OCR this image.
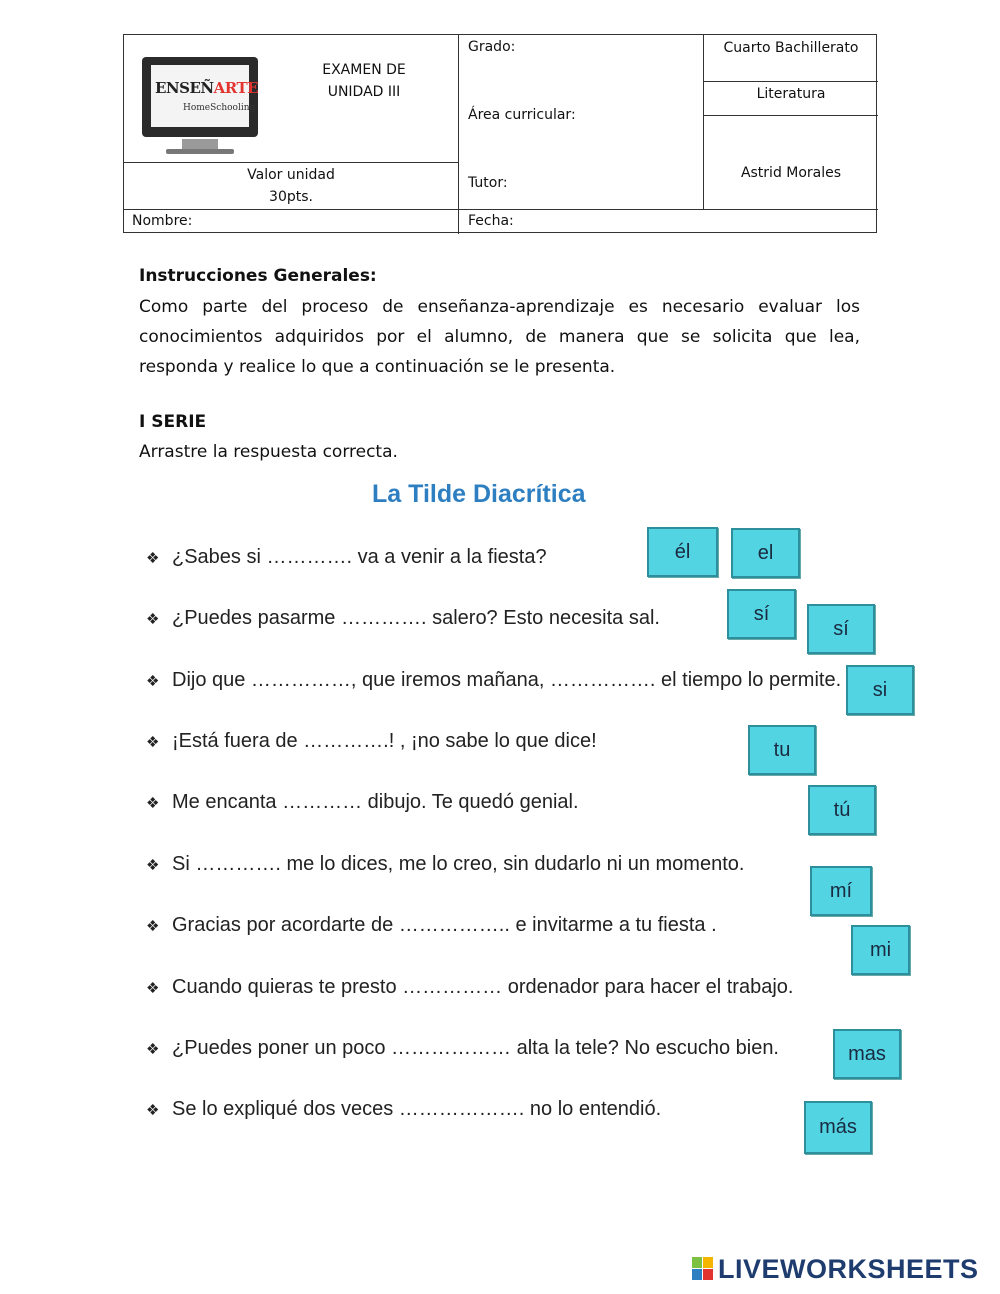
ENSEÑARTE
HomeSchooling
EXAMEN DE
UNIDAD III
Valor unidad
30pts.
Grado:
Área curricular:
Tutor:
Cuarto Bachillerato
Literatura
Astrid Morales
Nombre:	Fecha:
Instrucciones Generales:
Como parte del proceso de enseñanza-aprendizaje es necesario evaluar los conocimientos adquiridos por el alumno, de manera que se solicita que lea, responda y realice lo que a continuación se le presenta.
I SERIE
Arrastre la respuesta correcta.
La Tilde Diacrítica
❖ ¿Sabes si …………. va a venir a la fiesta?
❖ ¿Puedes pasarme …………. salero? Esto necesita sal.
❖ Dijo que ……………, que iremos mañana, ……………. el tiempo lo permite.
❖ ¡Está fuera de ………….! , ¡no sabe lo que dice!
❖ Me encanta ………… dibujo. Te quedó genial.
❖ Si …………. me lo dices, me lo creo, sin dudarlo ni un momento.
❖ Gracias por acordarte de …………….. e invitarme a tu fiesta .
❖ Cuando quieras te presto …………… ordenador para hacer el trabajo.
❖ ¿Puedes poner un poco ……………… alta la tele? No escucho bien.
❖ Se lo expliqué dos veces ………………. no lo entendió.
él	el
sí
sí
si
tu
tú
mí
mi
mas
más
LIVEWORKSHEETS
